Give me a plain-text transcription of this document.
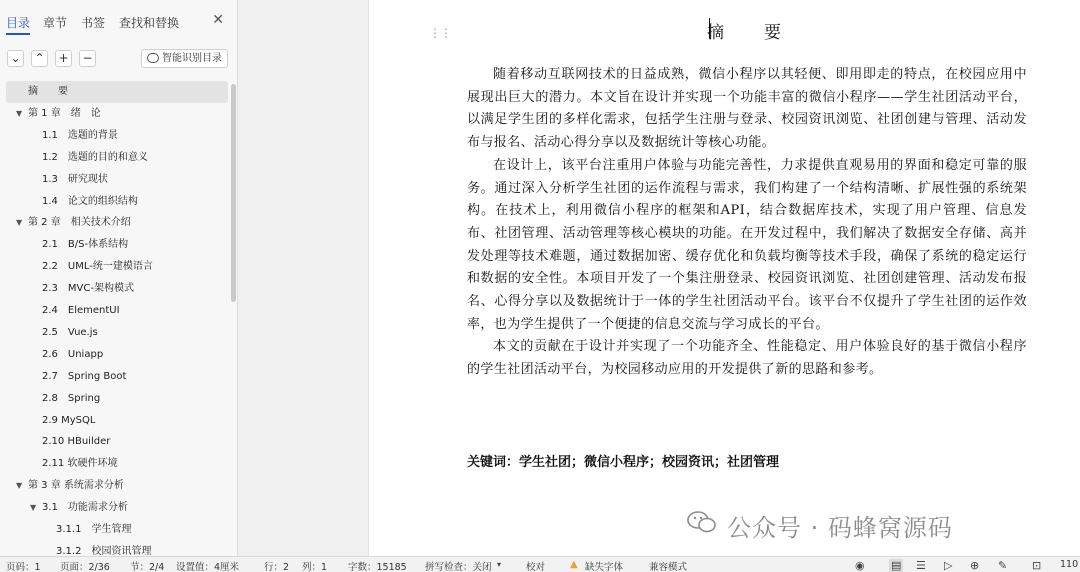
目录 章节 书签 查找和替换 ✕
⌄ ⌃ + −	智能识别目录
摘　　要
▼ 第 1 章　绪　论
1.1　选题的背景
1.2　选题的目的和意义
1.3　研究现状
1.4　论文的组织结构
▼ 第 2 章　相关技术介绍
2.1　B/S-体系结构
2.2　UML-统一建模语言
2.3　MVC-架构模式
2.4　ElementUI
2.5　Vue.js
2.6　Uniapp
2.7　Spring Boot
2.8　Spring
2.9 MySQL
2.10 HBuilder
2.11 软硬件环境
▼ 第 3 章 系统需求分析
▼ 3.1　功能需求分析
3.1.1　学生管理
3.1.2　校园资讯管理
⋮⋮	摘　　要

随着移动互联网技术的日益成熟，微信小程序以其轻便、即用即走的特点，在校园应用中展现出巨大的潜力。本文旨在设计并实现一个功能丰富的微信小程序——学生社团活动平台，以满足学生团的多样化需求，包括学生注册与登录、校园资讯浏览、社团创建与管理、活动发布与报名、活动心得分享以及数据统计等核心功能。

在设计上，该平台注重用户体验与功能完善性，力求提供直观易用的界面和稳定可靠的服务。通过深入分析学生社团的运作流程与需求，我们构建了一个结构清晰、扩展性强的系统架构。在技术上，利用微信小程序的框架和API，结合数据库技术，实现了用户管理、信息发布、社团管理、活动管理等核心模块的功能。在开发过程中，我们解决了数据安全存储、高并发处理等技术难题，通过数据加密、缓存优化和负载均衡等技术手段，确保了系统的稳定运行和数据的安全性。本项目开发了一个集注册登录、校园资讯浏览、社团创建管理、活动发布报名、心得分享以及数据统计于一体的学生社团活动平台。该平台不仅提升了学生社团的运作效率，也为学生提供了一个便捷的信息交流与学习成长的平台。

本文的贡献在于设计并实现了一个功能齐全、性能稳定、用户体验良好的基于微信小程序的学生社团活动平台，为校园移动应用的开发提供了新的思路和参考。

关键词：学生社团；微信小程序；校园资讯；社团管理
公众号 · 码蜂窝源码
页码：1 页面：2/36 节：2/4 设置值：4厘米	行：2 列：1 字数：15185 拼写检查：关闭 ▾	校对 ▲ 缺失字体	兼容模式	◉ ▤ ☰ ▷ ⊕ ✎ ⊡ 110
